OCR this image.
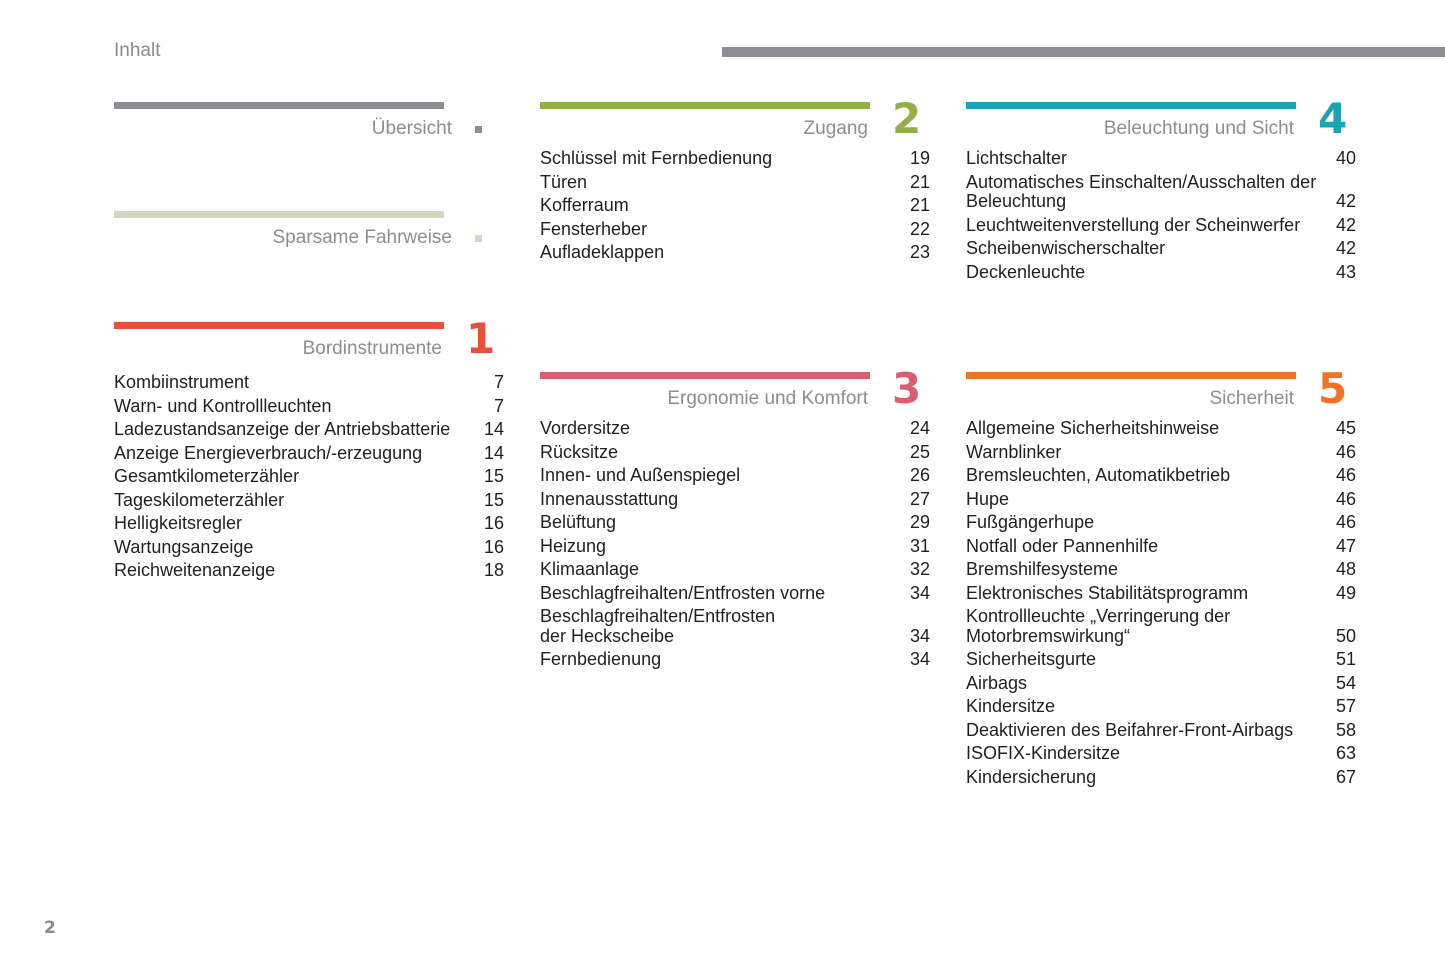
Inhalt
Übersicht
Sparsame Fahrweise
Bordinstrumente 1
Kombiinstrument	7
Warn- und Kontrollleuchten	7
Ladezustandsanzeige der Antriebsbatterie	14
Anzeige Energieverbrauch/-erzeugung	14
Gesamtkilometerzähler	15
Tageskilometerzähler	15
Helligkeitsregler	16
Wartungsanzeige	16
Reichweitenanzeige	18
Zugang 2
Schlüssel mit Fernbedienung	19
Türen	21
Kofferraum	21
Fensterheber	22
Aufladeklappen	23
Ergonomie und Komfort 3
Vordersitze	24
Rücksitze	25
Innen- und Außenspiegel	26
Innenausstattung	27
Belüftung	29
Heizung	31
Klimaanlage	32
Beschlagfreihalten/Entfrosten vorne	34
Beschlagfreihalten/Entfrosten
der Heckscheibe	34
Fernbedienung	34
Beleuchtung und Sicht 4
Lichtschalter	40
Automatisches Einschalten/Ausschalten der
Beleuchtung	42
Leuchtweitenverstellung der Scheinwerfer	42
Scheibenwischerschalter	42
Deckenleuchte	43
Sicherheit 5
Allgemeine Sicherheitshinweise	45
Warnblinker	46
Bremsleuchten, Automatikbetrieb	46
Hupe	46
Fußgängerhupe	46
Notfall oder Pannenhilfe	47
Bremshilfesysteme	48
Elektronisches Stabilitätsprogramm	49
Kontrollleuchte „Verringerung der
Motorbremswirkung“	50
Sicherheitsgurte	51
Airbags	54
Kindersitze	57
Deaktivieren des Beifahrer-Front-Airbags	58
ISOFIX-Kindersitze	63
Kindersicherung	67
2
